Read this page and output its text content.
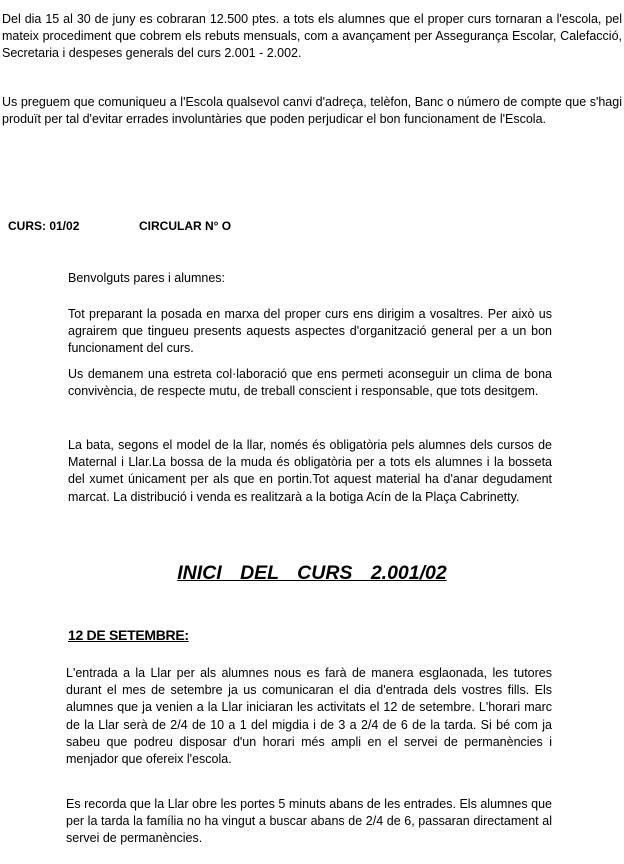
Del dia 15 al 30 de juny es cobraran 12.500 ptes. a tots els alumnes que el proper curs tornaran a l'escola, pel mateix procediment que cobrem els rebuts mensuals, com a avançament per Assegurança Escolar, Calefacció, Secretaria i despeses generals del curs 2.001 - 2.002.

Us preguem que comuniqueu a l'Escola qualsevol canvi d'adreça, telèfon, Banc o número de compte que s'hagi produït per tal d'evitar errades involuntàries que poden perjudicar el bon funcionament de l'Escola.

CURS: 01/02	CIRCULAR N° O

Benvolguts pares i alumnes:

Tot preparant la posada en marxa del proper curs ens dirigim a vosaltres. Per això us agrairem que tingueu presents aquests aspectes d'organització general per a un bon funcionament del curs.

Us demanem una estreta col·laboració que ens permeti aconseguir un clima de bona convivència, de respecte mutu, de treball conscient i responsable, que tots desitgem.

La bata, segons el model de la llar, només és obligatòria pels alumnes dels cursos de Maternal i Llar.La bossa de la muda és obligatòria per a tots els alumnes i la bosseta del xumet únicament per als que en portin.Tot aquest material ha d'anar degudament marcat. La distribució i venda es realitzarà a la botiga Acín de la Plaça Cabrinetty.

INICI DEL CURS 2.001/02
12 DE SETEMBRE:

L'entrada a la Llar per als alumnes nous es farà de manera esglaonada, les tutores durant el mes de setembre ja us comunicaran el dia d'entrada dels vostres fills. Els alumnes que ja venien a la Llar iniciaran les activitats el 12 de setembre. L'horari marc de la Llar serà de 2/4 de 10 a 1 del migdia i de 3 a 2/4 de 6 de la tarda. Si bé com ja sabeu que podreu disposar d'un horari més ampli en el servei de permanències i menjador que ofereix l'escola.

Es recorda que la Llar obre les portes 5 minuts abans de les entrades. Els alumnes que per la tarda la família no ha vingut a buscar abans de 2/4 de 6, passaran directament al servei de permanències.
